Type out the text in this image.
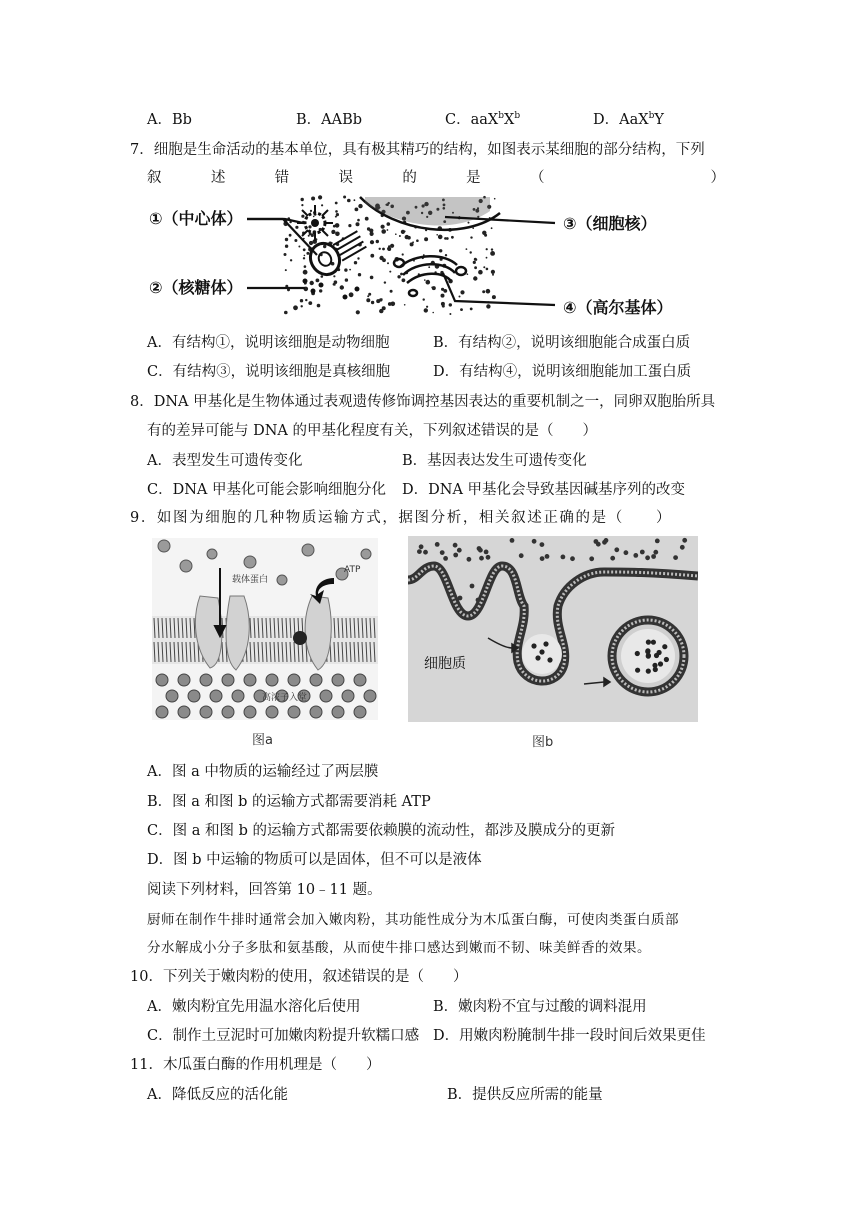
A．Bb	B．AABb	C．$aaX^bX^b$	D．AaX$^b$Y
7．细胞是生命活动的基本单位，具有极其精巧的结构，如图表示某细胞的部分结构，下列
叙	述	错	误	的	是	（	）
①（中心体）
②（核糖体）
③（细胞核）
④（高尔基体）
A．有结构①，说明该细胞是动物细胞	B．有结构②，说明该细胞能合成蛋白质
C．有结构③，说明该细胞是真核细胞	D．有结构④，说明该细胞能加工蛋白质
8．DNA 甲基化是生物体通过表观遗传修饰调控基因表达的重要机制之一，同卵双胞胎所具
有的差异可能与 DNA 的甲基化程度有关，下列叙述错误的是（　　）
A．表型发生可遗传变化	B．基因表达发生可遗传变化
C．DNA 甲基化可能会影响细胞分化 D．DNA 甲基化会导致基因碱基序列的改变
9．如图为细胞的几种物质运输方式，据图分析，相关叙述正确的是（　　）
载体蛋白
ATP
高浓子入堂
图a
细胞质
图b
A．图 a 中物质的运输经过了两层膜
B．图 a 和图 b 的运输方式都需要消耗 ATP
C．图 a 和图 b 的运输方式都需要依赖膜的流动性，都涉及膜成分的更新
D．图 b 中运输的物质可以是固体，但不可以是液体
阅读下列材料，回答第 10﹣11 题。
厨师在制作牛排时通常会加入嫩肉粉，其功能性成分为木瓜蛋白酶，可使肉类蛋白质部
分水解成小分子多肽和氨基酸，从而使牛排口感达到嫩而不韧、味美鲜香的效果。
10．下列关于嫩肉粉的使用，叙述错误的是（　　）
A．嫩肉粉宜先用温水溶化后使用	B．嫩肉粉不宜与过酸的调料混用
C．制作土豆泥时可加嫩肉粉提升软糯口感 D．用嫩肉粉腌制牛排一段时间后效果更佳
11．木瓜蛋白酶的作用机理是（　　）
A．降低反应的活化能	B．提供反应所需的能量
